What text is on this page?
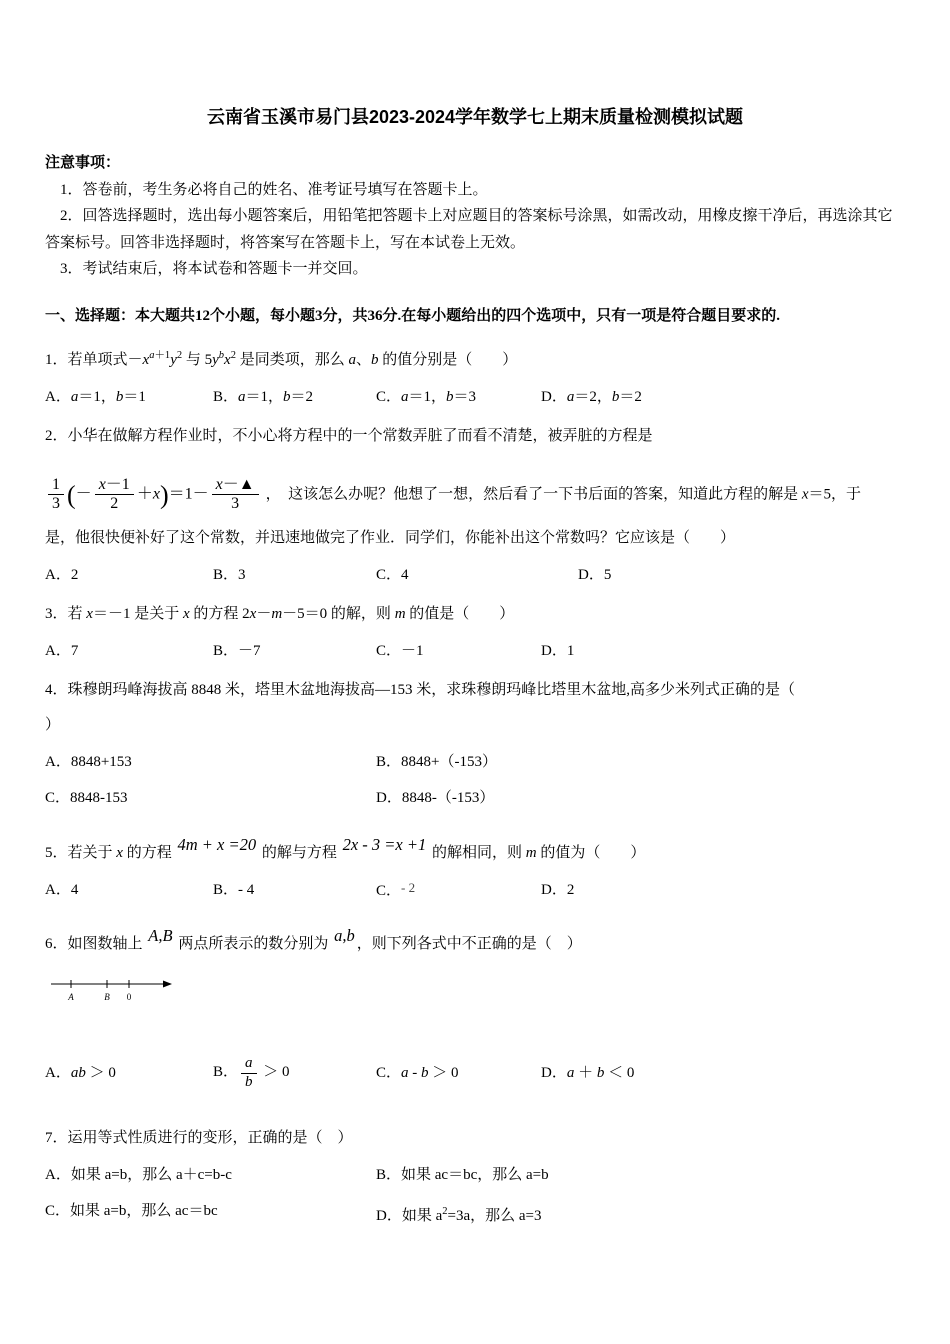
云南省玉溪市易门县2023-2024学年数学七上期末质量检测模拟试题

注意事项：

1．答卷前，考生务必将自己的姓名、准考证号填写在答题卡上。

2．回答选择题时，选出每小题答案后，用铅笔把答题卡上对应题目的答案标号涂黑，如需改动，用橡皮擦干净后，再选涂其它答案标号。回答非选择题时，将答案写在答题卡上，写在本试卷上无效。

3．考试结束后，将本试卷和答题卡一并交回。

一、选择题：本大题共12个小题，每小题3分，共36分.在每小题给出的四个选项中，只有一项是符合题目要求的.

1．若单项式$-x^{a+1}y^2$ 与 $5y^bx^2$ 是同类项，那么 a、b 的值分别是（　　）

A．a＝1，b＝1	B．a＝1，b＝2	C．a＝1，b＝3	D．a＝2，b＝2

2．小华在做解方程作业时，不小心将方程中的一个常数弄脏了而看不清楚，被弄脏的方程是

$\frac{1}{3}$ (－ $\frac{x-1}{2} +x)=1- \frac{x-▲}{3}$ ，　这该怎么办呢？他想了一想，然后看了一下书后面的答案，知道此方程的解是 x＝5，于

是，他很快便补好了这个常数，并迅速地做完了作业．同学们，你能补出这个常数吗？它应该是（　　）

A．2	B．3	C．4	D．5

3．若 x＝－1 是关于 x 的方程 2x－m－5＝0 的解，则 m 的值是（　　）

A．7	B．－7	C．－1	D．1

4．珠穆朗玛峰海拔高 8848 米，塔里木盆地海拔高—153 米，求珠穆朗玛峰比塔里木盆地,高多少米列式正确的是（

）

A．8848+153	B．8848+（-153）
C．8848-153	D．8848-（-153）

5．若关于 x 的方程 4m + x =20 的解与方程 2x - 3 =x +1 的解相同，则 m 的值为（　　）

A．4	B．- 4	C．- 2	D．2

6．如图数轴上 A,B 两点所表示的数分别为 a,b ，则下列各式中不正确的是（　）

A	B 0
A．ab ＞ 0	B． $\frac{a}{b} > 0$	C．a - b ＞ 0	D．a ＋ b ＜ 0

7．运用等式性质进行的变形，正确的是（　）

A．如果 a=b，那么 a＋c=b-c	B．如果 ac＝bc，那么 a=b
C．如果 a=b，那么 ac＝bc	D．如果 $a^2=3a$，那么 a=3
